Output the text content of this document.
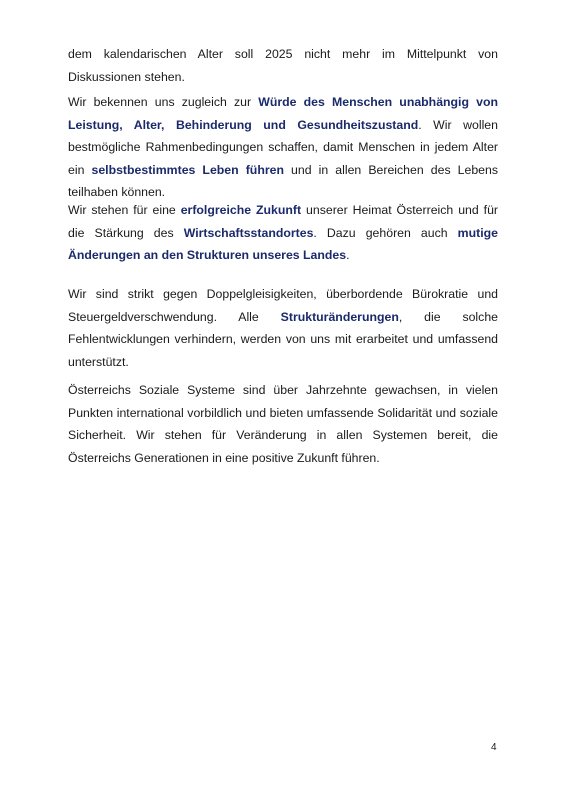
dem kalendarischen Alter soll 2025 nicht mehr im Mittelpunkt von Diskussionen stehen.

Wir bekennen uns zugleich zur Würde des Menschen unabhängig von Leistung, Alter, Behinderung und Gesundheitszustand. Wir wollen bestmögliche Rahmenbedingungen schaffen, damit Menschen in jedem Alter ein selbstbestimmtes Leben führen und in allen Bereichen des Lebens teilhaben können.

Wir stehen für eine erfolgreiche Zukunft unserer Heimat Österreich und für die Stärkung des Wirtschaftsstandortes. Dazu gehören auch mutige Änderungen an den Strukturen unseres Landes.

Wir sind strikt gegen Doppelgleisigkeiten, überbordende Bürokratie und Steuergeldverschwendung. Alle Strukturänderungen, die solche Fehlentwicklungen verhindern, werden von uns mit erarbeitet und umfassend unterstützt.

Österreichs Soziale Systeme sind über Jahrzehnte gewachsen, in vielen Punkten international vorbildlich und bieten umfassende Solidarität und soziale Sicherheit. Wir stehen für Veränderung in allen Systemen bereit, die Österreichs Generationen in eine positive Zukunft führen.

4
